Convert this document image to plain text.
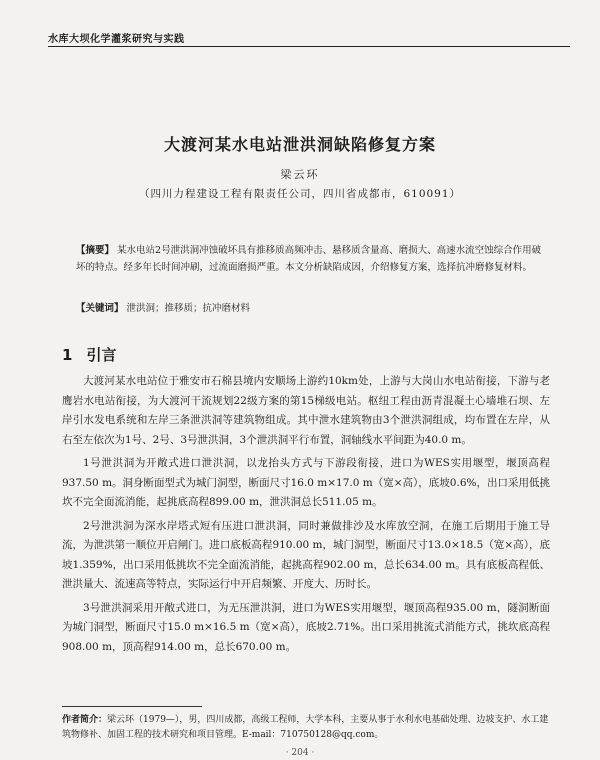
水库大坝化学灌浆研究与实践
大渡河某水电站泄洪洞缺陷修复方案
梁云环
（四川力程建设工程有限责任公司，四川省成都市，610091）

【摘要】 某水电站2号泄洪洞冲蚀破坏具有推移质高频冲击、悬移质含量高、磨损大、高速水流空蚀综合作用破坏的特点。经多年长时间冲刷，过流面磨损严重。本文分析缺陷成因，介绍修复方案，选择抗冲磨修复材料。

【关键词】 泄洪洞；推移质；抗冲磨材料

1 引言

大渡河某水电站位于雅安市石棉县境内安顺场上游约10km处，上游与大岗山水电站衔接，下游与老鹰岩水电站衔接，为大渡河干流规划22级方案的第15梯级电站。枢纽工程由沥青混凝土心墙堆石坝、左岸引水发电系统和左岸三条泄洪洞等建筑物组成。其中泄水建筑物由3个泄洪洞组成，均布置在左岸，从右至左依次为1号、2号、3号泄洪洞，3个泄洪洞平行布置，洞轴线水平间距为40.0 m。

1号泄洪洞为开敞式进口泄洪洞，以龙抬头方式与下游段衔接，进口为WES实用堰型，堰顶高程937.50 m。洞身断面型式为城门洞型，断面尺寸16.0 m×17.0 m（宽×高），底坡0.6%，出口采用低挑坎不完全面流消能，起挑底高程899.00 m，泄洪洞总长511.05 m。

2号泄洪洞为深水岸塔式短有压进口泄洪洞，同时兼做排沙及水库放空洞，在施工后期用于施工导流，为泄洪第一顺位开启闸门。进口底板高程910.00 m，城门洞型，断面尺寸13.0×18.5（宽×高），底坡1.359%，出口采用低挑坎不完全面流消能，起挑高程902.00 m，总长634.00 m。具有底板高程低、泄洪量大、流速高等特点，实际运行中开启频繁、开度大、历时长。

3号泄洪洞采用开敞式进口，为无压泄洪洞，进口为WES实用堰型，堰顶高程935.00 m，隧洞断面为城门洞型，断面尺寸15.0 m×16.5 m（宽×高），底坡2.71%。出口采用挑流式消能方式，挑坎底高程908.00 m，顶高程914.00 m，总长670.00 m。

作者简介：梁云环（1979—），男，四川成都，高级工程师，大学本科，主要从事于水利水电基础处理、边坡支护、水工建筑物修补、加固工程的技术研究和项目管理。E-mail：710750128@qq.com。

· 204 ·
